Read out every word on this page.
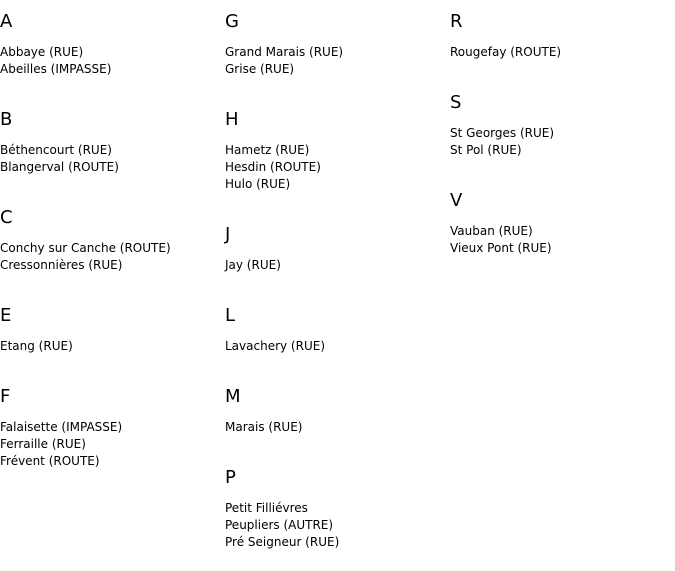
A
Abbaye (RUE)
Abeilles (IMPASSE)
B
Béthencourt (RUE)
Blangerval (ROUTE)
C
Conchy sur Canche (ROUTE)
Cressonnières (RUE)
E
Etang (RUE)
F
Falaisette (IMPASSE)
Ferraille (RUE)
Frévent (ROUTE)
G
Grand Marais (RUE)
Grise (RUE)
H
Hametz (RUE)
Hesdin (ROUTE)
Hulo (RUE)
J
Jay (RUE)
L
Lavachery (RUE)
M
Marais (RUE)
P
Petit Filliévres
Peupliers (AUTRE)
Pré Seigneur (RUE)
R
Rougefay (ROUTE)
S
St Georges (RUE)
St Pol (RUE)
V
Vauban (RUE)
Vieux Pont (RUE)
